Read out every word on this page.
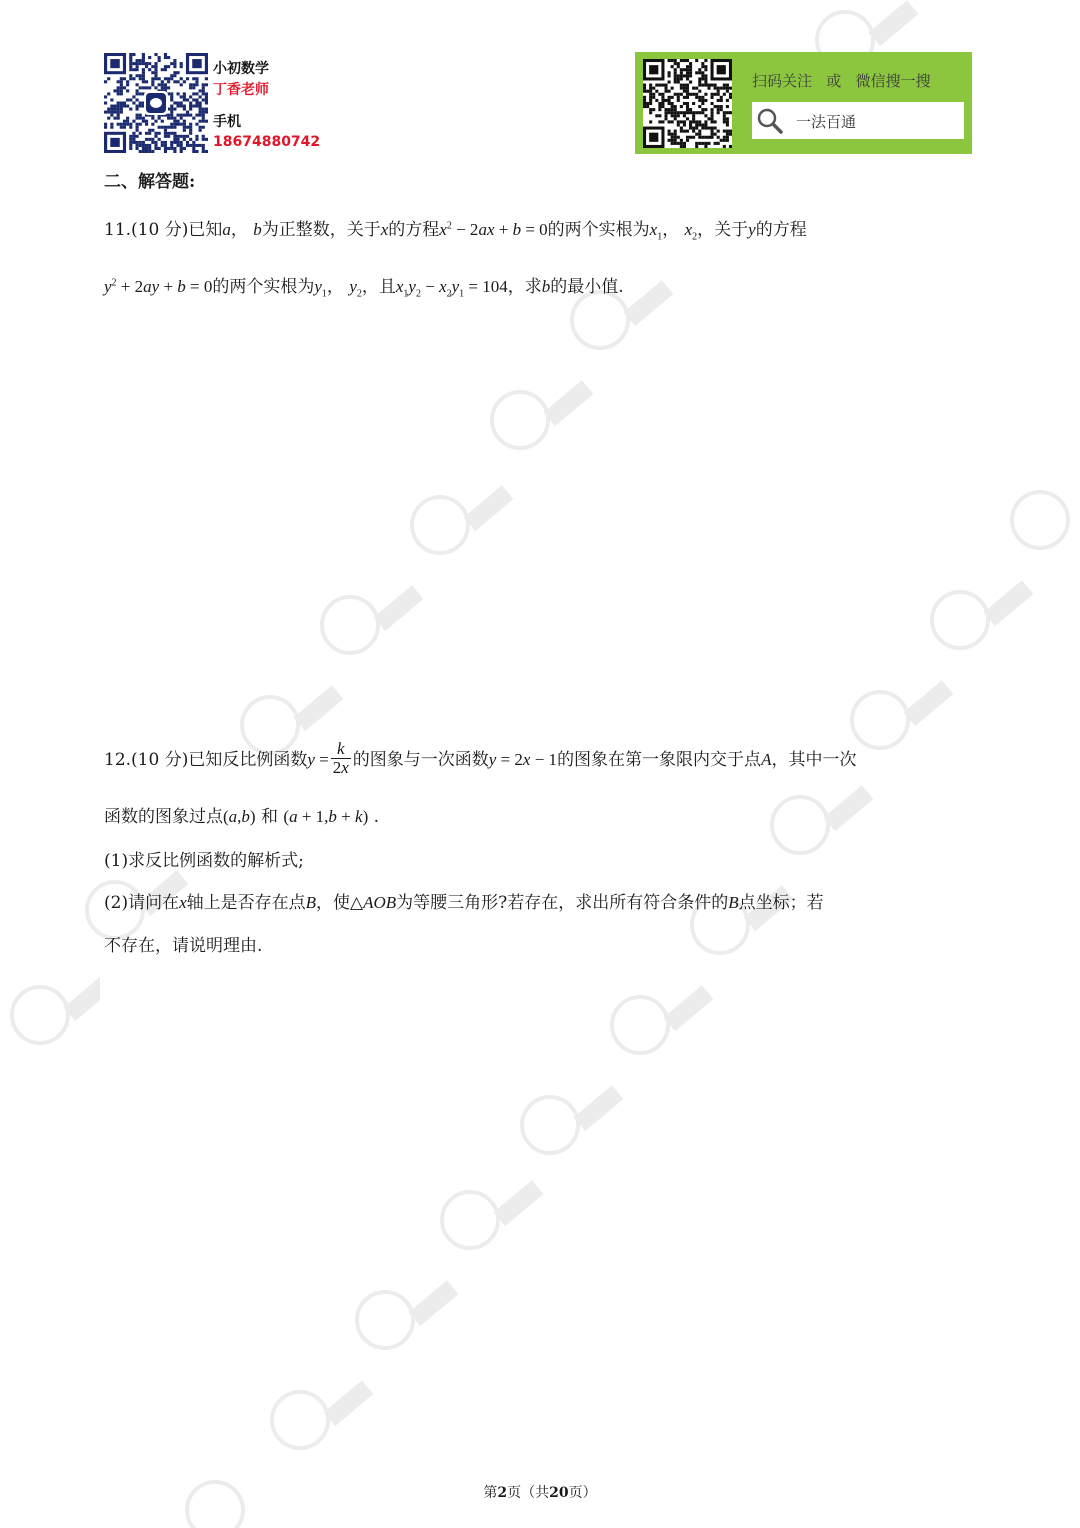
小初数学
丁香老师
手机
18674880742
扫码关注   或   微信搜一搜
一法百通
二、解答题:
11.(10 分)已知a， b为正整数，关于x的方程$x^2 - 2ax + b = 0$的两个实根为$x_1$， $x_2$，关于y的方程
$y^2 + 2ay + b = 0$的两个实根为$y_1$， $y_2$，且$x_1y_2 - x_2y_1 = 104$，求b的最小值.
12.(10 分)已知反比例函数$y = \frac{k}{2x}$ 的图象与一次函数y = 2x − 1的图象在第一象限内交于点A，其中一次
函数的图象过点(a,b) 和 (a + 1,b + k) .
(1)求反比例函数的解析式;
(2)请问在x轴上是否存在点B，使△AOB为等腰三角形?若存在，求出所有符合条件的B点坐标；若
不存在，请说明理由.
第2页（共20页）
